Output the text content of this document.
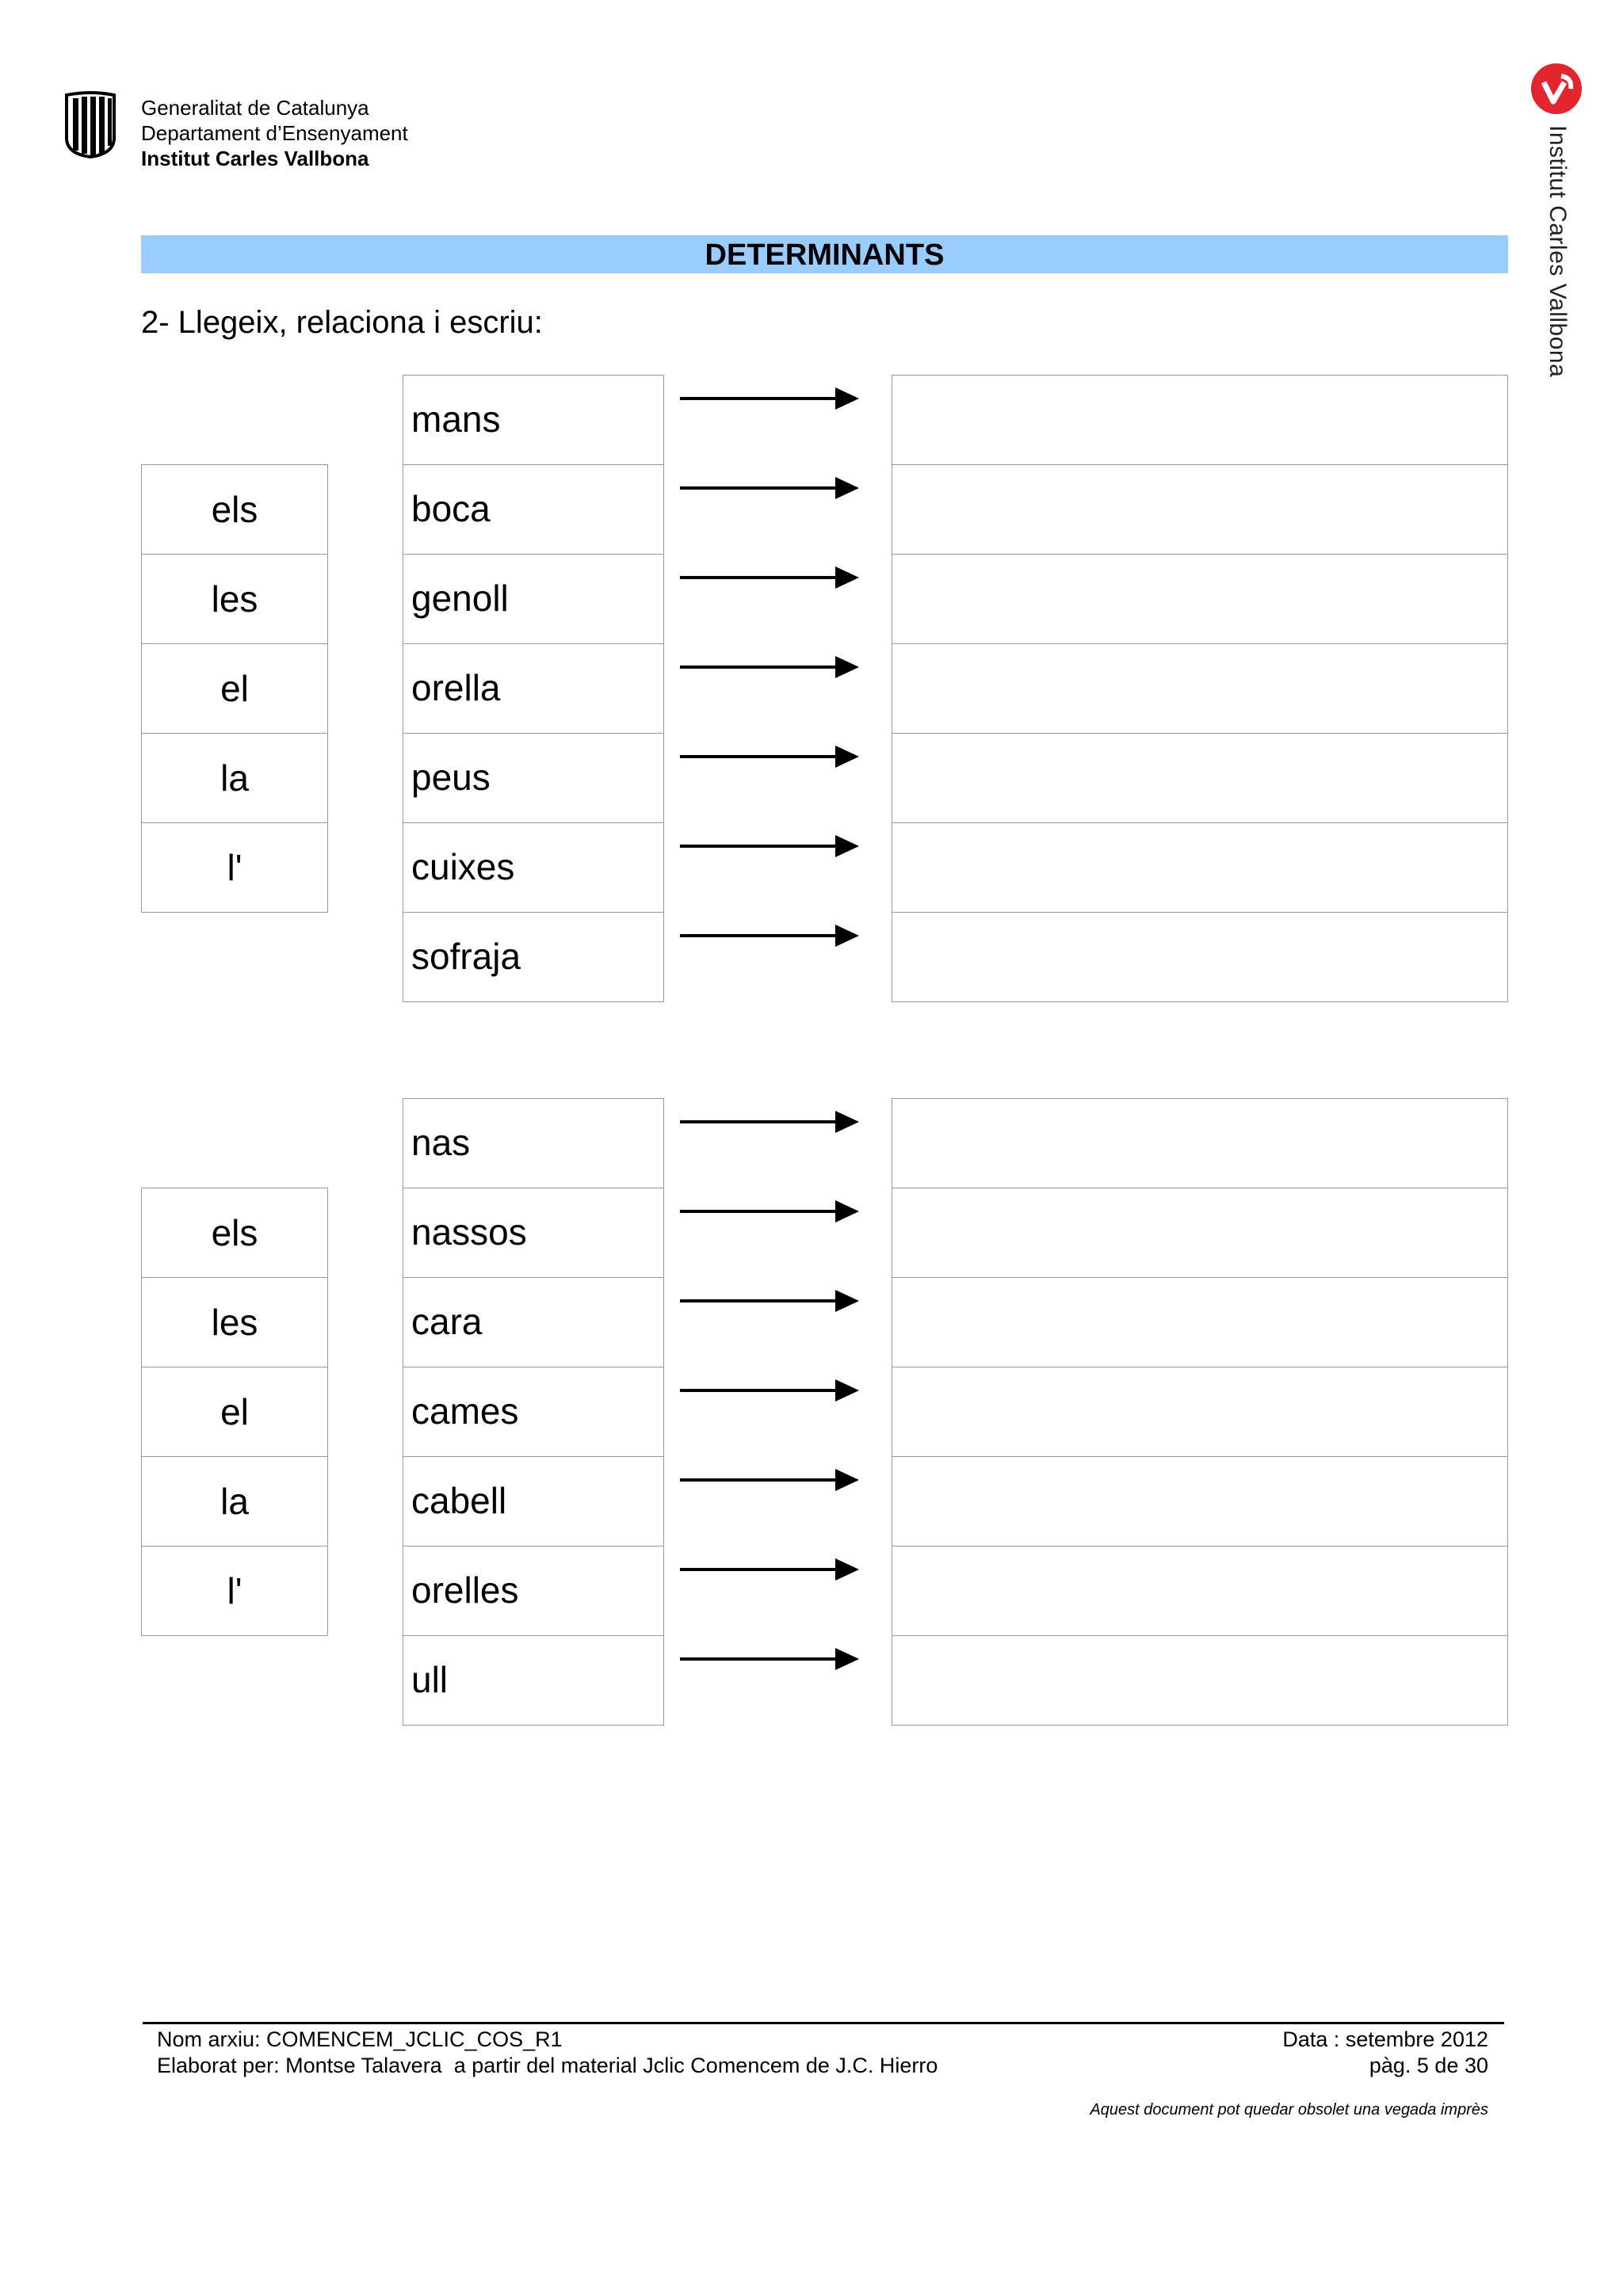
Generalitat de Catalunya
Departament d’Ensenyament
Institut Carles Vallbona	Institut Carles Vallbona
DETERMINANTS
2- Llegeix, relaciona i escriu:
els
les
el
la
l'
mans
boca
genoll
orella
peus
cuixes
sofraja
els
les
el
la
l'
nas
nassos
cara
cames
cabell
orelles
ull
Nom arxiu: COMENCEM_JCLIC_COS_R1
Elaborat per: Montse Talavera  a partir del material Jclic Comencem de J.C. Hierro
Data : setembre 2012
pàg. 5 de 30
Aquest document pot quedar obsolet una vegada imprès
